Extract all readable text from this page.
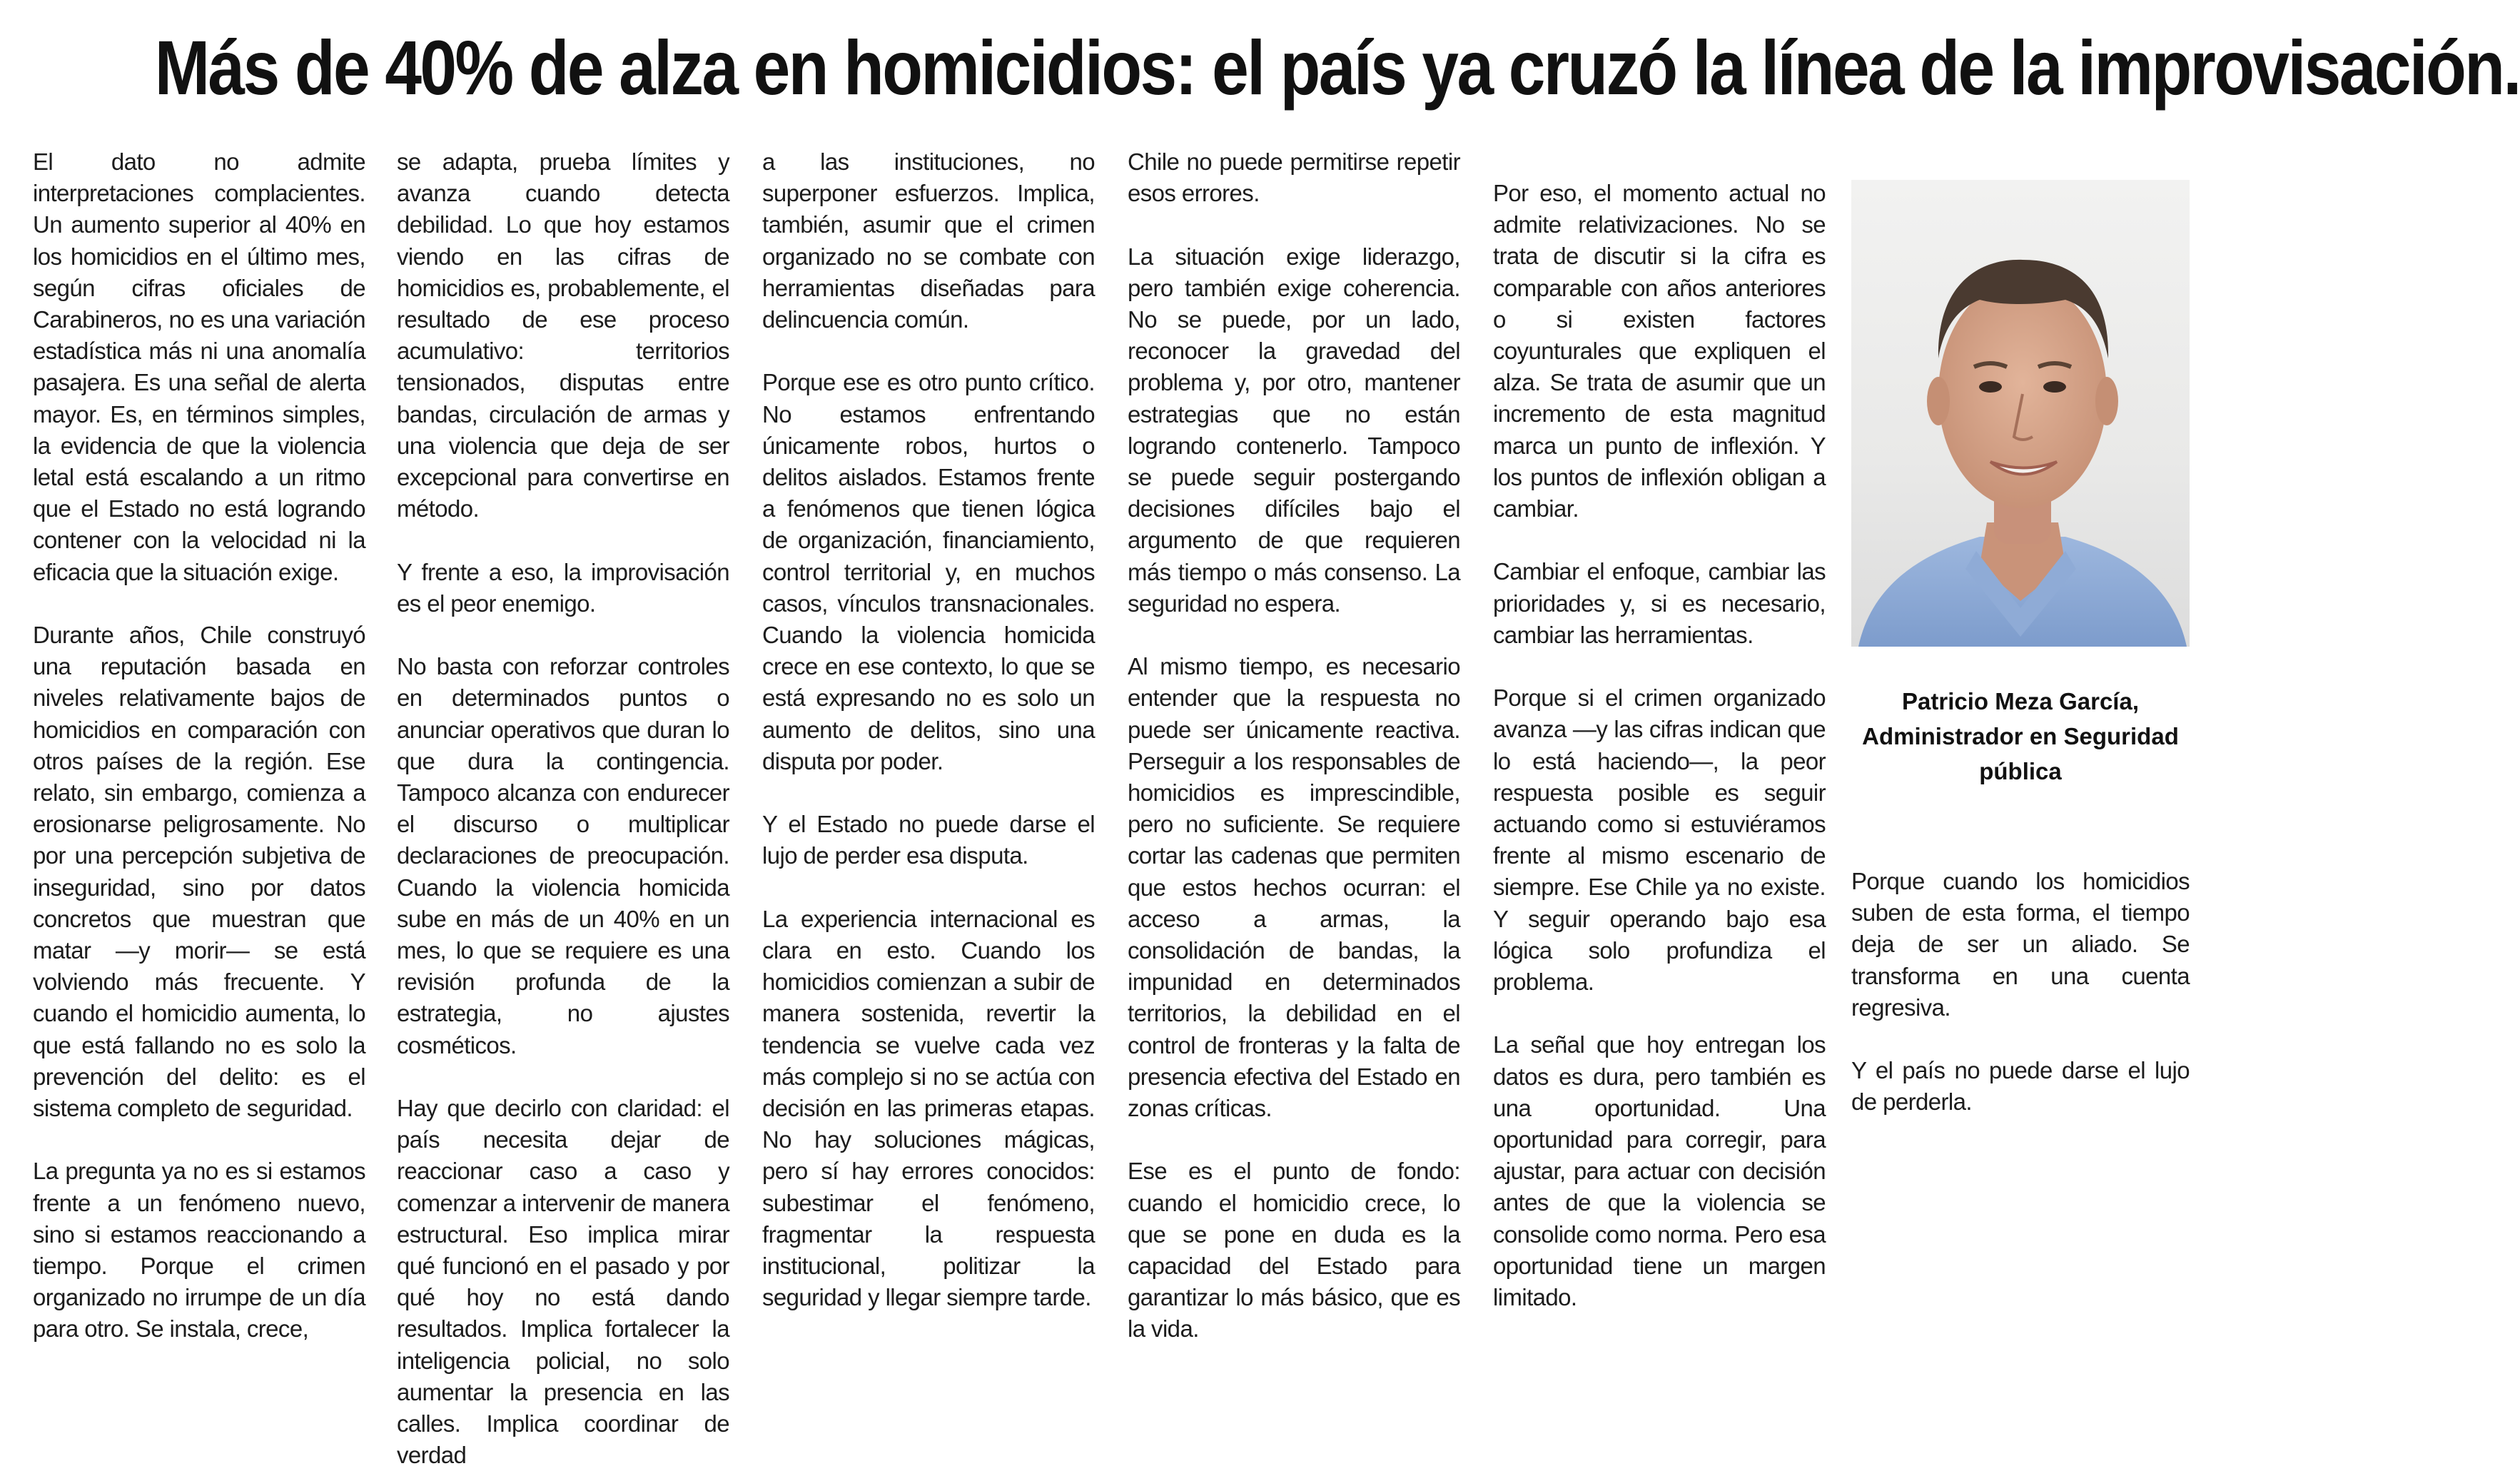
Más de 40% de alza en homicidios: el país ya cruzó la línea de la improvisación.

El dato no admite interpretaciones complacientes. Un aumento superior al 40% en los homicidios en el último mes, según cifras oficiales de Carabineros, no es una variación estadística más ni una anomalía pasajera. Es una señal de alerta mayor. Es, en términos simples, la evidencia de que la violencia letal está escalando a un ritmo que el Estado no está logrando contener con la velocidad ni la eficacia que la situación exige.

Durante años, Chile construyó una reputación basada en niveles relativamente bajos de homicidios en comparación con otros países de la región. Ese relato, sin embargo, comienza a erosionarse peligrosamente. No por una percepción subjetiva de inseguridad, sino por datos concretos que muestran que matar —y morir— se está volviendo más frecuente. Y cuando el homicidio aumenta, lo que está fallando no es solo la prevención del delito: es el sistema completo de seguridad.

La pregunta ya no es si estamos frente a un fenómeno nuevo, sino si estamos reaccionando a tiempo. Porque el crimen organizado no irrumpe de un día para otro. Se instala, crece,

se adapta, prueba límites y avanza cuando detecta debilidad. Lo que hoy estamos viendo en las cifras de homicidios es, probablemente, el resultado de ese proceso acumulativo: territorios tensionados, disputas entre bandas, circulación de armas y una violencia que deja de ser excepcional para convertirse en método.

Y frente a eso, la improvisación es el peor enemigo.

No basta con reforzar controles en determinados puntos o anunciar operativos que duran lo que dura la contingencia. Tampoco alcanza con endurecer el discurso o multiplicar declaraciones de preocupación. Cuando la violencia homicida sube en más de un 40% en un mes, lo que se requiere es una revisión profunda de la estrategia, no ajustes cosméticos.

Hay que decirlo con claridad: el país necesita dejar de reaccionar caso a caso y comenzar a intervenir de manera estructural. Eso implica mirar qué funcionó en el pasado y por qué hoy no está dando resultados. Implica fortalecer la inteligencia policial, no solo aumentar la presencia en las calles. Implica coordinar de verdad

a las instituciones, no superponer esfuerzos. Implica, también, asumir que el crimen organizado no se combate con herramientas diseñadas para delincuencia común.

Porque ese es otro punto crítico. No estamos enfrentando únicamente robos, hurtos o delitos aislados. Estamos frente a fenómenos que tienen lógica de organización, financiamiento, control territorial y, en muchos casos, vínculos transnacionales. Cuando la violencia homicida crece en ese contexto, lo que se está expresando no es solo un aumento de delitos, sino una disputa por poder.

Y el Estado no puede darse el lujo de perder esa disputa.

La experiencia internacional es clara en esto. Cuando los homicidios comienzan a subir de manera sostenida, revertir la tendencia se vuelve cada vez más complejo si no se actúa con decisión en las primeras etapas. No hay soluciones mágicas, pero sí hay errores conocidos: subestimar el fenómeno, fragmentar la respuesta institucional, politizar la seguridad y llegar siempre tarde.

Chile no puede permitirse repetir esos errores.

La situación exige liderazgo, pero también exige coherencia. No se puede, por un lado, reconocer la gravedad del problema y, por otro, mantener estrategias que no están logrando contenerlo. Tampoco se puede seguir postergando decisiones difíciles bajo el argumento de que requieren más tiempo o más consenso. La seguridad no espera.

Al mismo tiempo, es necesario entender que la respuesta no puede ser únicamente reactiva. Perseguir a los responsables de homicidios es imprescindible, pero no suficiente. Se requiere cortar las cadenas que permiten que estos hechos ocurran: el acceso a armas, la consolidación de bandas, la impunidad en determinados territorios, la debilidad en el control de fronteras y la falta de presencia efectiva del Estado en zonas críticas.

Ese es el punto de fondo: cuando el homicidio crece, lo que se pone en duda es la capacidad del Estado para garantizar lo más básico, que es la vida.

Por eso, el momento actual no admite relativizaciones. No se trata de discutir si la cifra es comparable con años anteriores o si existen factores coyunturales que expliquen el alza. Se trata de asumir que un incremento de esta magnitud marca un punto de inflexión. Y los puntos de inflexión obligan a cambiar.

Cambiar el enfoque, cambiar las prioridades y, si es necesario, cambiar las herramientas.

Porque si el crimen organizado avanza —y las cifras indican que lo está haciendo—, la peor respuesta posible es seguir actuando como si estuviéramos frente al mismo escenario de siempre. Ese Chile ya no existe. Y seguir operando bajo esa lógica solo profundiza el problema.

La señal que hoy entregan los datos es dura, pero también es una oportunidad. Una oportunidad para corregir, para ajustar, para actuar con decisión antes de que la violencia se consolide como norma. Pero esa oportunidad tiene un margen limitado.

Patricio Meza García,
Administrador en Seguridad pública

Porque cuando los homicidios suben de esta forma, el tiempo deja de ser un aliado. Se transforma en una cuenta regresiva.

Y el país no puede darse el lujo de perderla.
